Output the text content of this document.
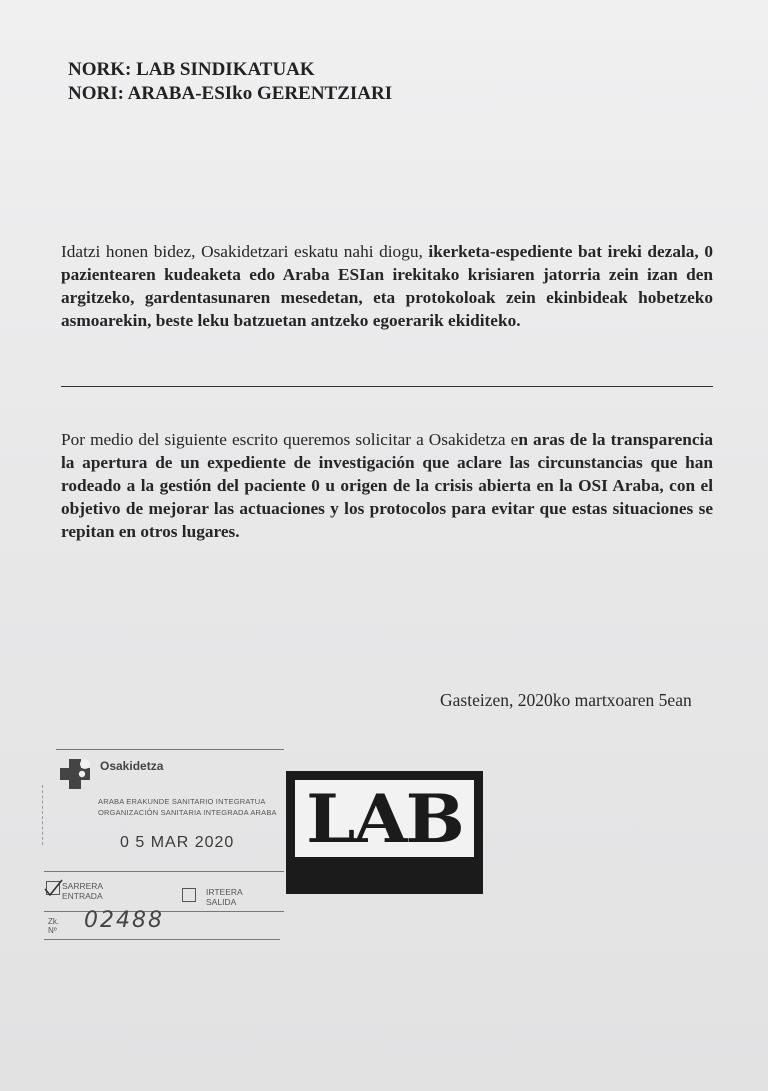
NORK: LAB SINDIKATUAK
NORI: ARABA-ESIko GERENTZIARI
Idatzi honen bidez, Osakidetzari eskatu nahi diogu, ikerketa-espediente bat ireki dezala, 0 pazientearen kudeaketa edo Araba ESIan irekitako krisiaren jatorria zein izan den argitzeko, gardentasunaren mesedetan, eta protokoloak zein ekinbideak hobetzeko asmoarekin, beste leku batzuetan antzeko egoerarik ekiditeko.
Por medio del siguiente escrito queremos solicitar a Osakidetza en aras de la transparencia la apertura de un expediente de investigación que aclare las circunstancias que han rodeado a la gestión del paciente 0 u origen de la crisis abierta en la OSI Araba, con el objetivo de mejorar las actuaciones y los protocolos para evitar que estas situaciones se repitan en otros lugares.
Gasteizen, 2020ko martxoaren 5ean
Osakidetza
ARABA ERAKUNDE SANITARIO INTEGRATUA
ORGANIZACIÓN SANITARIA INTEGRADA ARABA
0 5 MAR 2020
SARRERA
ENTRADA	IRTEERA
SALIDA
Zk.
Nº 02488
LAB
